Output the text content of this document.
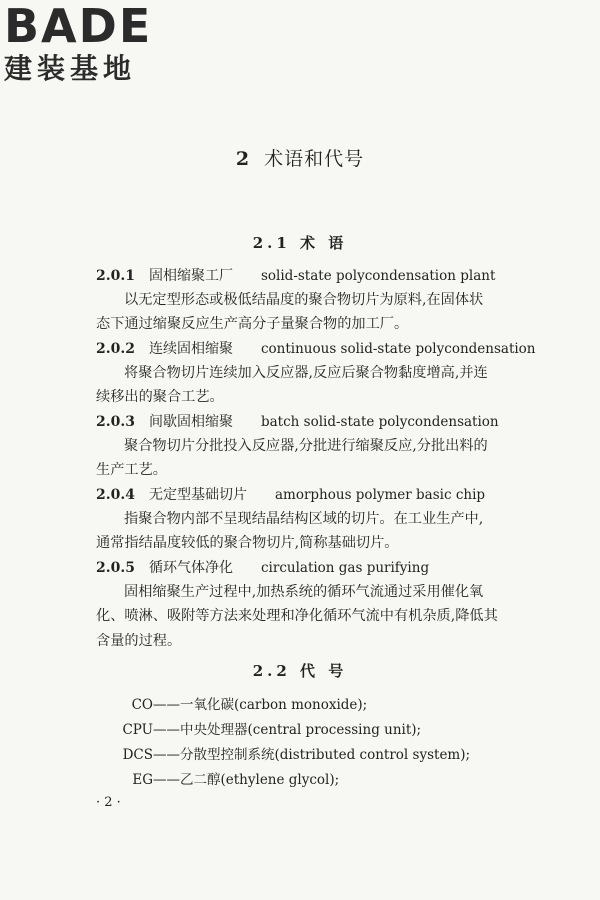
BADE
建装基地
2 术语和代号
2.1 术 语
2.0.1 固相缩聚工厂 solid-state polycondensation plant
以无定型形态或极低结晶度的聚合物切片为原料,在固体状
态下通过缩聚反应生产高分子量聚合物的加工厂。
2.0.2 连续固相缩聚 continuous solid-state polycondensation
将聚合物切片连续加入反应器,反应后聚合物黏度增高,并连
续移出的聚合工艺。
2.0.3 间歇固相缩聚 batch solid-state polycondensation
聚合物切片分批投入反应器,分批进行缩聚反应,分批出料的
生产工艺。
2.0.4 无定型基础切片 amorphous polymer basic chip
指聚合物内部不呈现结晶结构区域的切片。在工业生产中,
通常指结晶度较低的聚合物切片,简称基础切片。
2.0.5 循环气体净化 circulation gas purifying
固相缩聚生产过程中,加热系统的循环气流通过采用催化氧
化、喷淋、吸附等方法来处理和净化循环气流中有机杂质,降低其
含量的过程。
2.2 代 号
CO——一氧化碳(carbon monoxide);
CPU——中央处理器(central processing unit);
DCS——分散型控制系统(distributed control system);
EG——乙二醇(ethylene glycol);
· 2 ·
